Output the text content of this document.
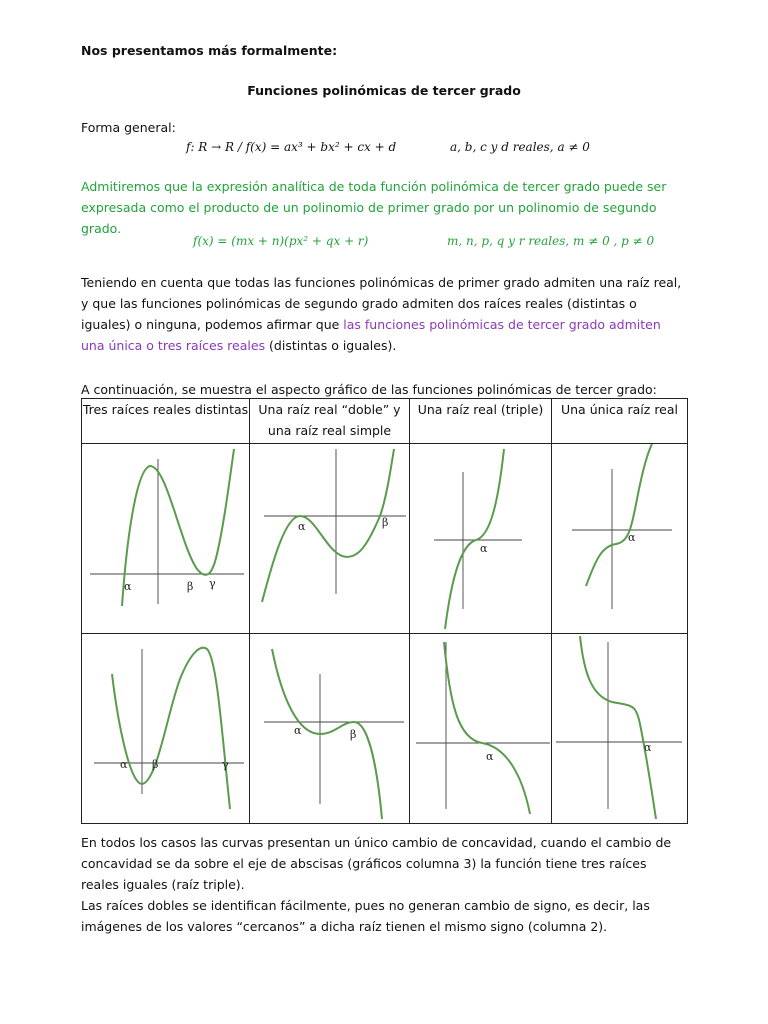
Nos presentamos más formalmente:
Funciones polinómicas de tercer grado
Forma general:
f: R → R / f(x) = ax³ + bx² + cx + d	a, b, c y d reales, a ≠ 0
Admitiremos que la expresión analítica de toda función polinómica de tercer grado puede ser expresada como el producto de un polinomio de primer grado por un polinomio de segundo grado.
f(x) = (mx + n)(px² + qx + r)	m, n, p, q y r reales, m ≠ 0 , p ≠ 0
Teniendo en cuenta que todas las funciones polinómicas de primer grado admiten una raíz real, y que las funciones polinómicas de segundo grado admiten dos raíces reales (distintas o iguales) o ninguna, podemos afirmar que las funciones polinómicas de tercer grado admiten una única o tres raíces reales (distintas o iguales).
A continuación, se muestra el aspecto gráfico de las funciones polinómicas de tercer grado:
Tres raíces reales distintas	Una raíz real “doble” y una raíz real simple	Una raíz real (triple)	Una única raíz real

α β γ	α β	α	α

α β γ	α β	α	α
En todos los casos las curvas presentan un único cambio de concavidad, cuando el cambio de concavidad se da sobre el eje de abscisas (gráficos columna 3) la función tiene tres raíces reales iguales (raíz triple).
Las raíces dobles se identifican fácilmente, pues no generan cambio de signo, es decir, las imágenes de los valores “cercanos” a dicha raíz tienen el mismo signo (columna 2).
